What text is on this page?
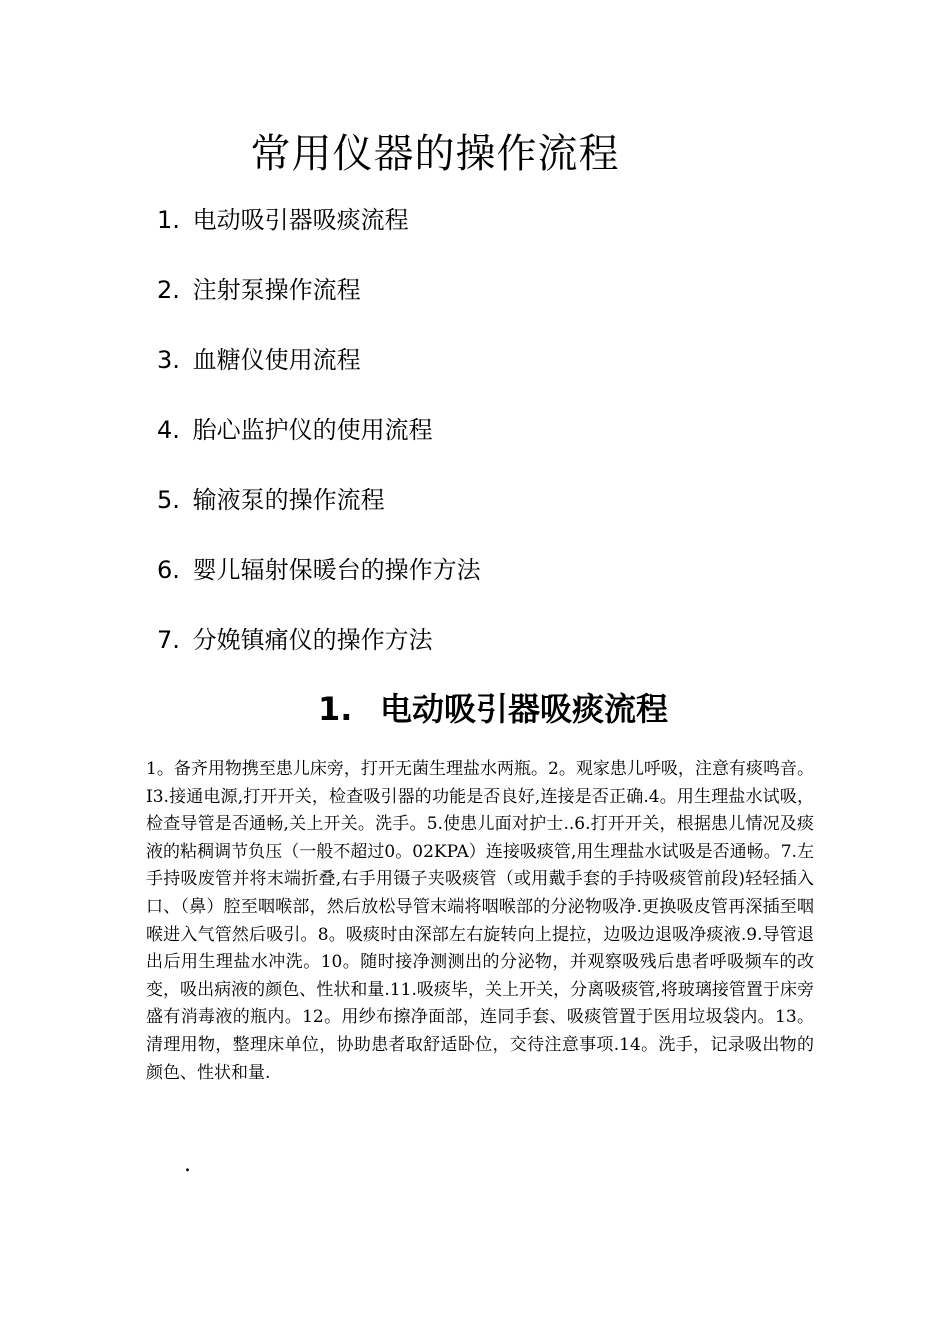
常用仪器的操作流程
1. 电动吸引器吸痰流程
2. 注射泵操作流程
3. 血糖仪使用流程
4. 胎心监护仪的使用流程
5. 输液泵的操作流程
6. 婴儿辐射保暖台的操作方法
7. 分娩镇痛仪的操作方法
1. 电动吸引器吸痰流程

1。备齐用物携至患儿床旁，打开无菌生理盐水两瓶。2。观家患儿呼吸，注意有痰鸣音。I3.接通电源,打开开关，检查吸引器的功能是否良好,连接是否正确.4。用生理盐水试吸，检查导管是否通畅,关上开关。洗手。5.使患儿面对护士..6.打开开关，根据患儿情况及痰液的粘稠调节负压（一般不超过0。02KPA）连接吸痰管,用生理盐水试吸是否通畅。7.左手持吸废管并将末端折叠,右手用镊子夹吸痰管（或用戴手套的手持吸痰管前段)轻轻插入口、（鼻）腔至咽喉部，然后放松导管末端将咽喉部的分泌物吸净.更换吸皮管再深插至咽喉进入气管然后吸引。8。吸痰时由深部左右旋转向上提拉，边吸边退吸净痰液.9.导管退出后用生理盐水冲洗。10。随时接净测测出的分泌物，并观察吸残后患者呼吸频车的改变，吸出病液的颜色、性状和量.11.吸痰毕，关上开关，分离吸痰管,将玻璃接管置于床旁盛有消毒液的瓶内。12。用纱布擦净面部，连同手套、吸痰管置于医用垃圾袋内。13。清理用物，整理床单位，协助患者取舒适卧位，交待注意事项.14。洗手，记录吸出物的颜色、性状和量.

.
